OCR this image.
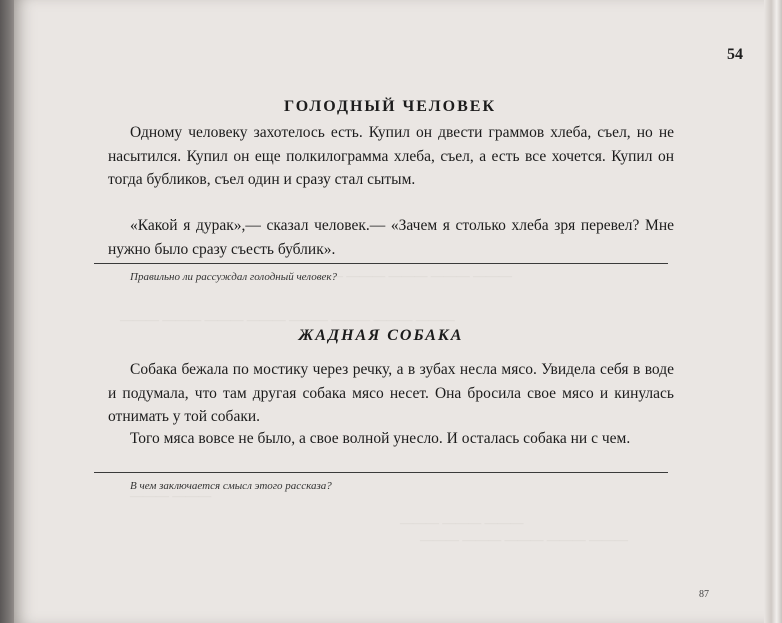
— ——— ——— ——— ———
——— ——— ——— ——— ——— ——— ——— ———
——— ———
——— ——— ———
——— ——— ——— ——— ———
54
ГОЛОДНЫЙ ЧЕЛОВЕК

Одному человеку захотелось есть. Купил он двести граммов хлеба, съел, но не насытился. Купил он еще полкилограмма хлеба, съел, а есть все хочется. Купил он тогда бубликов, съел один и сразу стал сытым.

«Какой я дурак»,— сказал человек.— «Зачем я столько хлеба зря перевел? Мне нужно было сразу съесть бублик».

Правильно ли рассуждал голодный человек?
ЖАДНАЯ СОБАКА

Собака бежала по мостику через речку, а в зубах несла мясо. Увидела себя в воде и подумала, что там другая собака мясо несет. Она бросила свое мясо и кинулась отнимать у той собаки.

Того мяса вовсе не было, а свое волной унесло. И осталась собака ни с чем.

В чем заключается смысл этого рассказа?
87
